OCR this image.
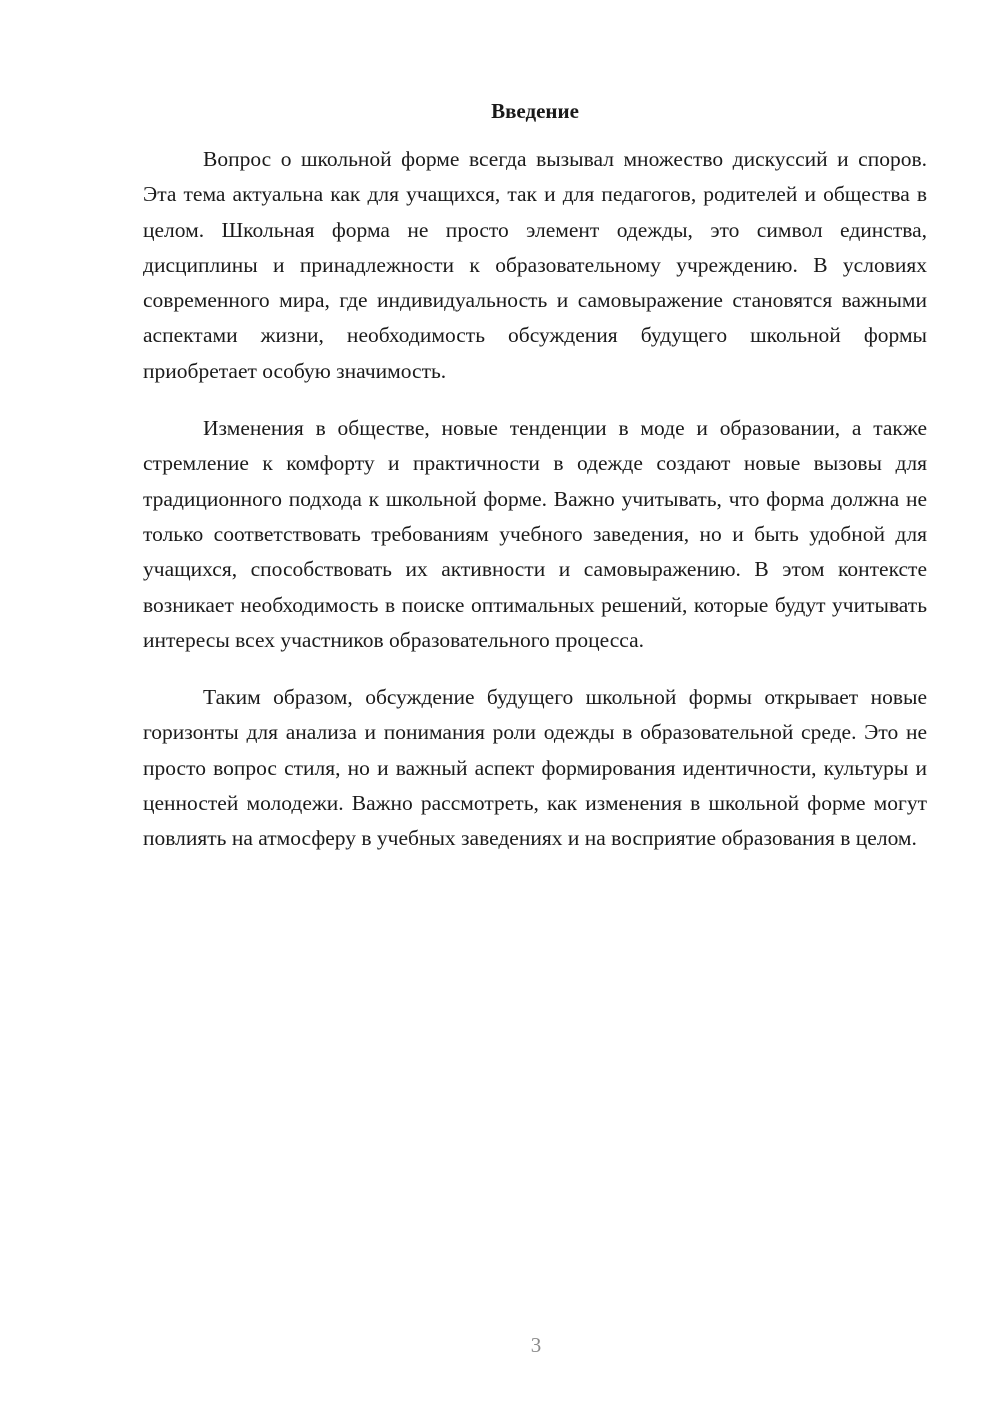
Введение

Вопрос о школьной форме всегда вызывал множество дискуссий и споров. Эта тема актуальна как для учащихся, так и для педагогов, родителей и общества в целом. Школьная форма не просто элемент одежды, это символ единства, дисциплины и принадлежности к образовательному учреждению. В условиях современного мира, где индивидуальность и самовыражение становятся важными аспектами жизни, необходимость обсуждения будущего школьной формы приобретает особую значимость.

Изменения в обществе, новые тенденции в моде и образовании, а также стремление к комфорту и практичности в одежде создают новые вызовы для традиционного подхода к школьной форме. Важно учитывать, что форма должна не только соответствовать требованиям учебного заведения, но и быть удобной для учащихся, способствовать их активности и самовыражению. В этом контексте возникает необходимость в поиске оптимальных решений, которые будут учитывать интересы всех участников образовательного процесса.

Таким образом, обсуждение будущего школьной формы открывает новые горизонты для анализа и понимания роли одежды в образовательной среде. Это не просто вопрос стиля, но и важный аспект формирования идентичности, культуры и ценностей молодежи. Важно рассмотреть, как изменения в школьной форме могут повлиять на атмосферу в учебных заведениях и на восприятие образования в целом.

3
